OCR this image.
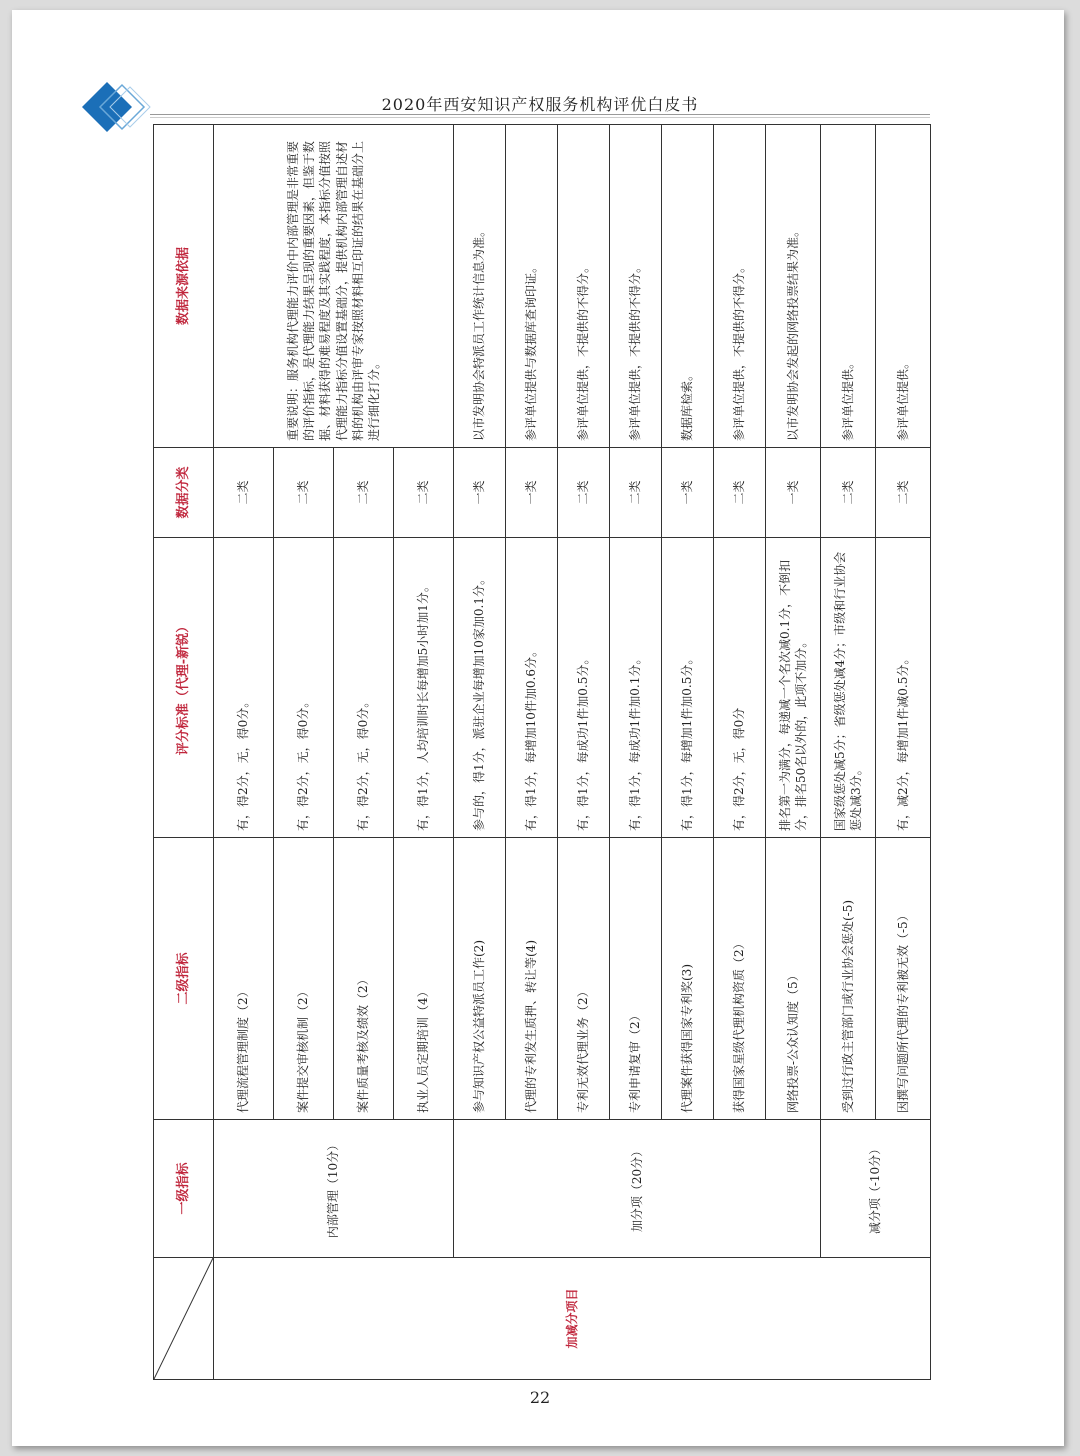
2020年西安知识产权服务机构评优白皮书
	一级指标	二级指标	评分标准（代理-新锐）	数据分类	数据来源依据
加减分项目	内部管理（10分）	代理流程管理制度（2）	有，得2分，无，得0分。	二类	重要说明：服务机构代理能力评价中内部管理是非常重要的评价指标，是代理能力结果呈现的重要因素，但鉴于数据、材料获得的难易程度及其实践程度，本指标分值按照代理能力指标分值设置基础分，提供机构内部管理自述材料的机构由评审专家按照材料相互印证的结果在基础分上进行细化打分。
		案件提交审核机制（2）	有，得2分，无，得0分。	二类	
		案件质量考核及绩效（2）	有，得2分，无，得0分。	二类	
		执业人员定期培训（4）	有，得1分，人均培训时长每增加5小时加1分。	二类	
	加分项（20分）	参与知识产权公益特派员工作(2)	参与的，得1分，派驻企业每增加10家加0.1分。	一类	以市发明协会特派员工作统计信息为准。
		代理的专利发生质押、转让等(4)	有，得1分，每增加10件加0.6分。	一类	参评单位提供与数据库查询印证。
		专利无效代理业务（2）	有，得1分，每成功1件加0.5分。	二类	参评单位提供，不提供的不得分。
		专利申请复审（2）	有，得1分，每成功1件加0.1分。	二类	参评单位提供，不提供的不得分。
		代理案件获得国家专利奖(3)	有，得1分，每增加1件加0.5分。	一类	数据库检索。
		获得国家星级代理机构资质（2）	有，得2分，无，得0分	二类	参评单位提供，不提供的不得分。
		网络投票-公众认知度（5）	排名第一为满分，每递减一个名次减0.1分，不倒扣分，排名50名以外的，此项不加分。	一类	以市发明协会发起的网络投票结果为准。
	减分项（-10分）	受到过行政主管部门或行业协会惩处(-5)	国家级惩处减5分；省级惩处减4分；市级和行业协会惩处减3分。	二类	参评单位提供。
		因撰写问题所代理的专利被无效（-5）	有，减2分，每增加1件减0.5分。	二类	参评单位提供。
22
